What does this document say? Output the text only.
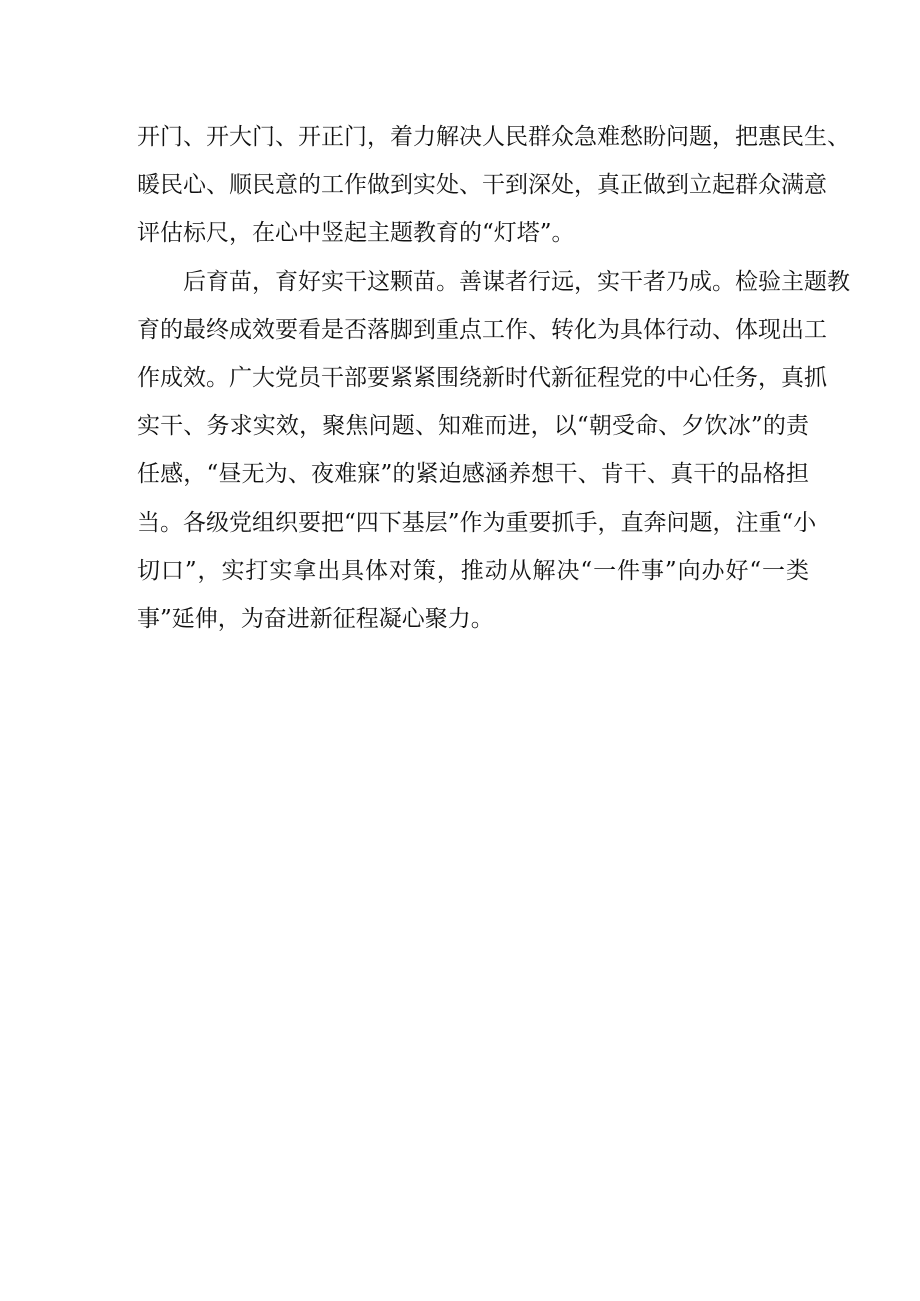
开门、开大门、开正门，着力解决人民群众急难愁盼问题，把惠民生、
暖民心、顺民意的工作做到实处、干到深处，真正做到立起群众满意
评估标尺，在心中竖起主题教育的“灯塔”。
后育苗，育好实干这颗苗。善谋者行远，实干者乃成。检验主题教
育的最终成效要看是否落脚到重点工作、转化为具体行动、体现出工
作成效。广大党员干部要紧紧围绕新时代新征程党的中心任务，真抓
实干、务求实效，聚焦问题、知难而进，以“朝受命、夕饮冰”的责
任感，“昼无为、夜难寐”的紧迫感涵养想干、肯干、真干的品格担
当。各级党组织要把“四下基层”作为重要抓手，直奔问题，注重“小
切口”，实打实拿出具体对策，推动从解决“一件事”向办好“一类
事”延伸，为奋进新征程凝心聚力。
